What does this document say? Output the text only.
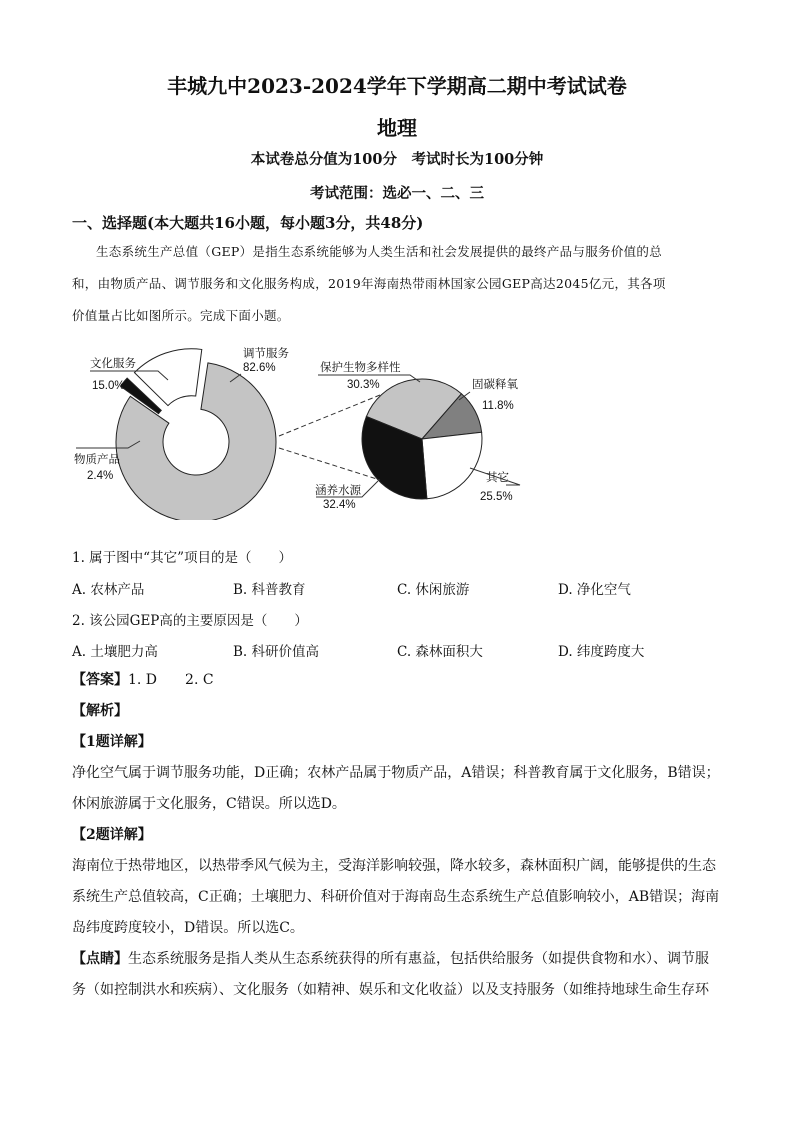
丰城九中2023-2024学年下学期高二期中考试试卷
地理
本试卷总分值为100分　考试时长为100分钟
考试范围：选必一、二、三
一、选择题(本大题共16小题，每小题3分，共48分)

生态系统生产总值（GEP）是指生态系统能够为人类生活和社会发展提供的最终产品与服务价值的总

和，由物质产品、调节服务和文化服务构成，2019年海南热带雨林国家公园GEP高达2045亿元，其各项
价值量占比如图所示。完成下面小题。
调节服务
82.6%
文化服务
15.0%
物质产品
2.4%
保护生物多样性
30.3%	固碳释氧
11.8%
其它
25.5%
涵养水源
32.4%
1. 属于图中“其它”项目的是（　　）
A. 农林产品	B. 科普教育	C. 休闲旅游	D. 净化空气
2. 该公园GEP高的主要原因是（　　）
A. 土壤肥力高	B. 科研价值高	C. 森林面积大	D. 纬度跨度大

【答案】1. D　　2. C

【解析】

【1题详解】

净化空气属于调节服务功能，D正确；农林产品属于物质产品，A错误；科普教育属于文化服务，B错误；休闲旅游属于文化服务，C错误。所以选D。

【2题详解】

海南位于热带地区，以热带季风气候为主，受海洋影响较强，降水较多，森林面积广阔，能够提供的生态系统生产总值较高，C正确；土壤肥力、科研价值对于海南岛生态系统生产总值影响较小，AB错误；海南岛纬度跨度较小，D错误。所以选C。

【点睛】生态系统服务是指人类从生态系统获得的所有惠益，包括供给服务（如提供食物和水）、调节服务（如控制洪水和疾病）、文化服务（如精神、娱乐和文化收益）以及支持服务（如维持地球生命生存环
